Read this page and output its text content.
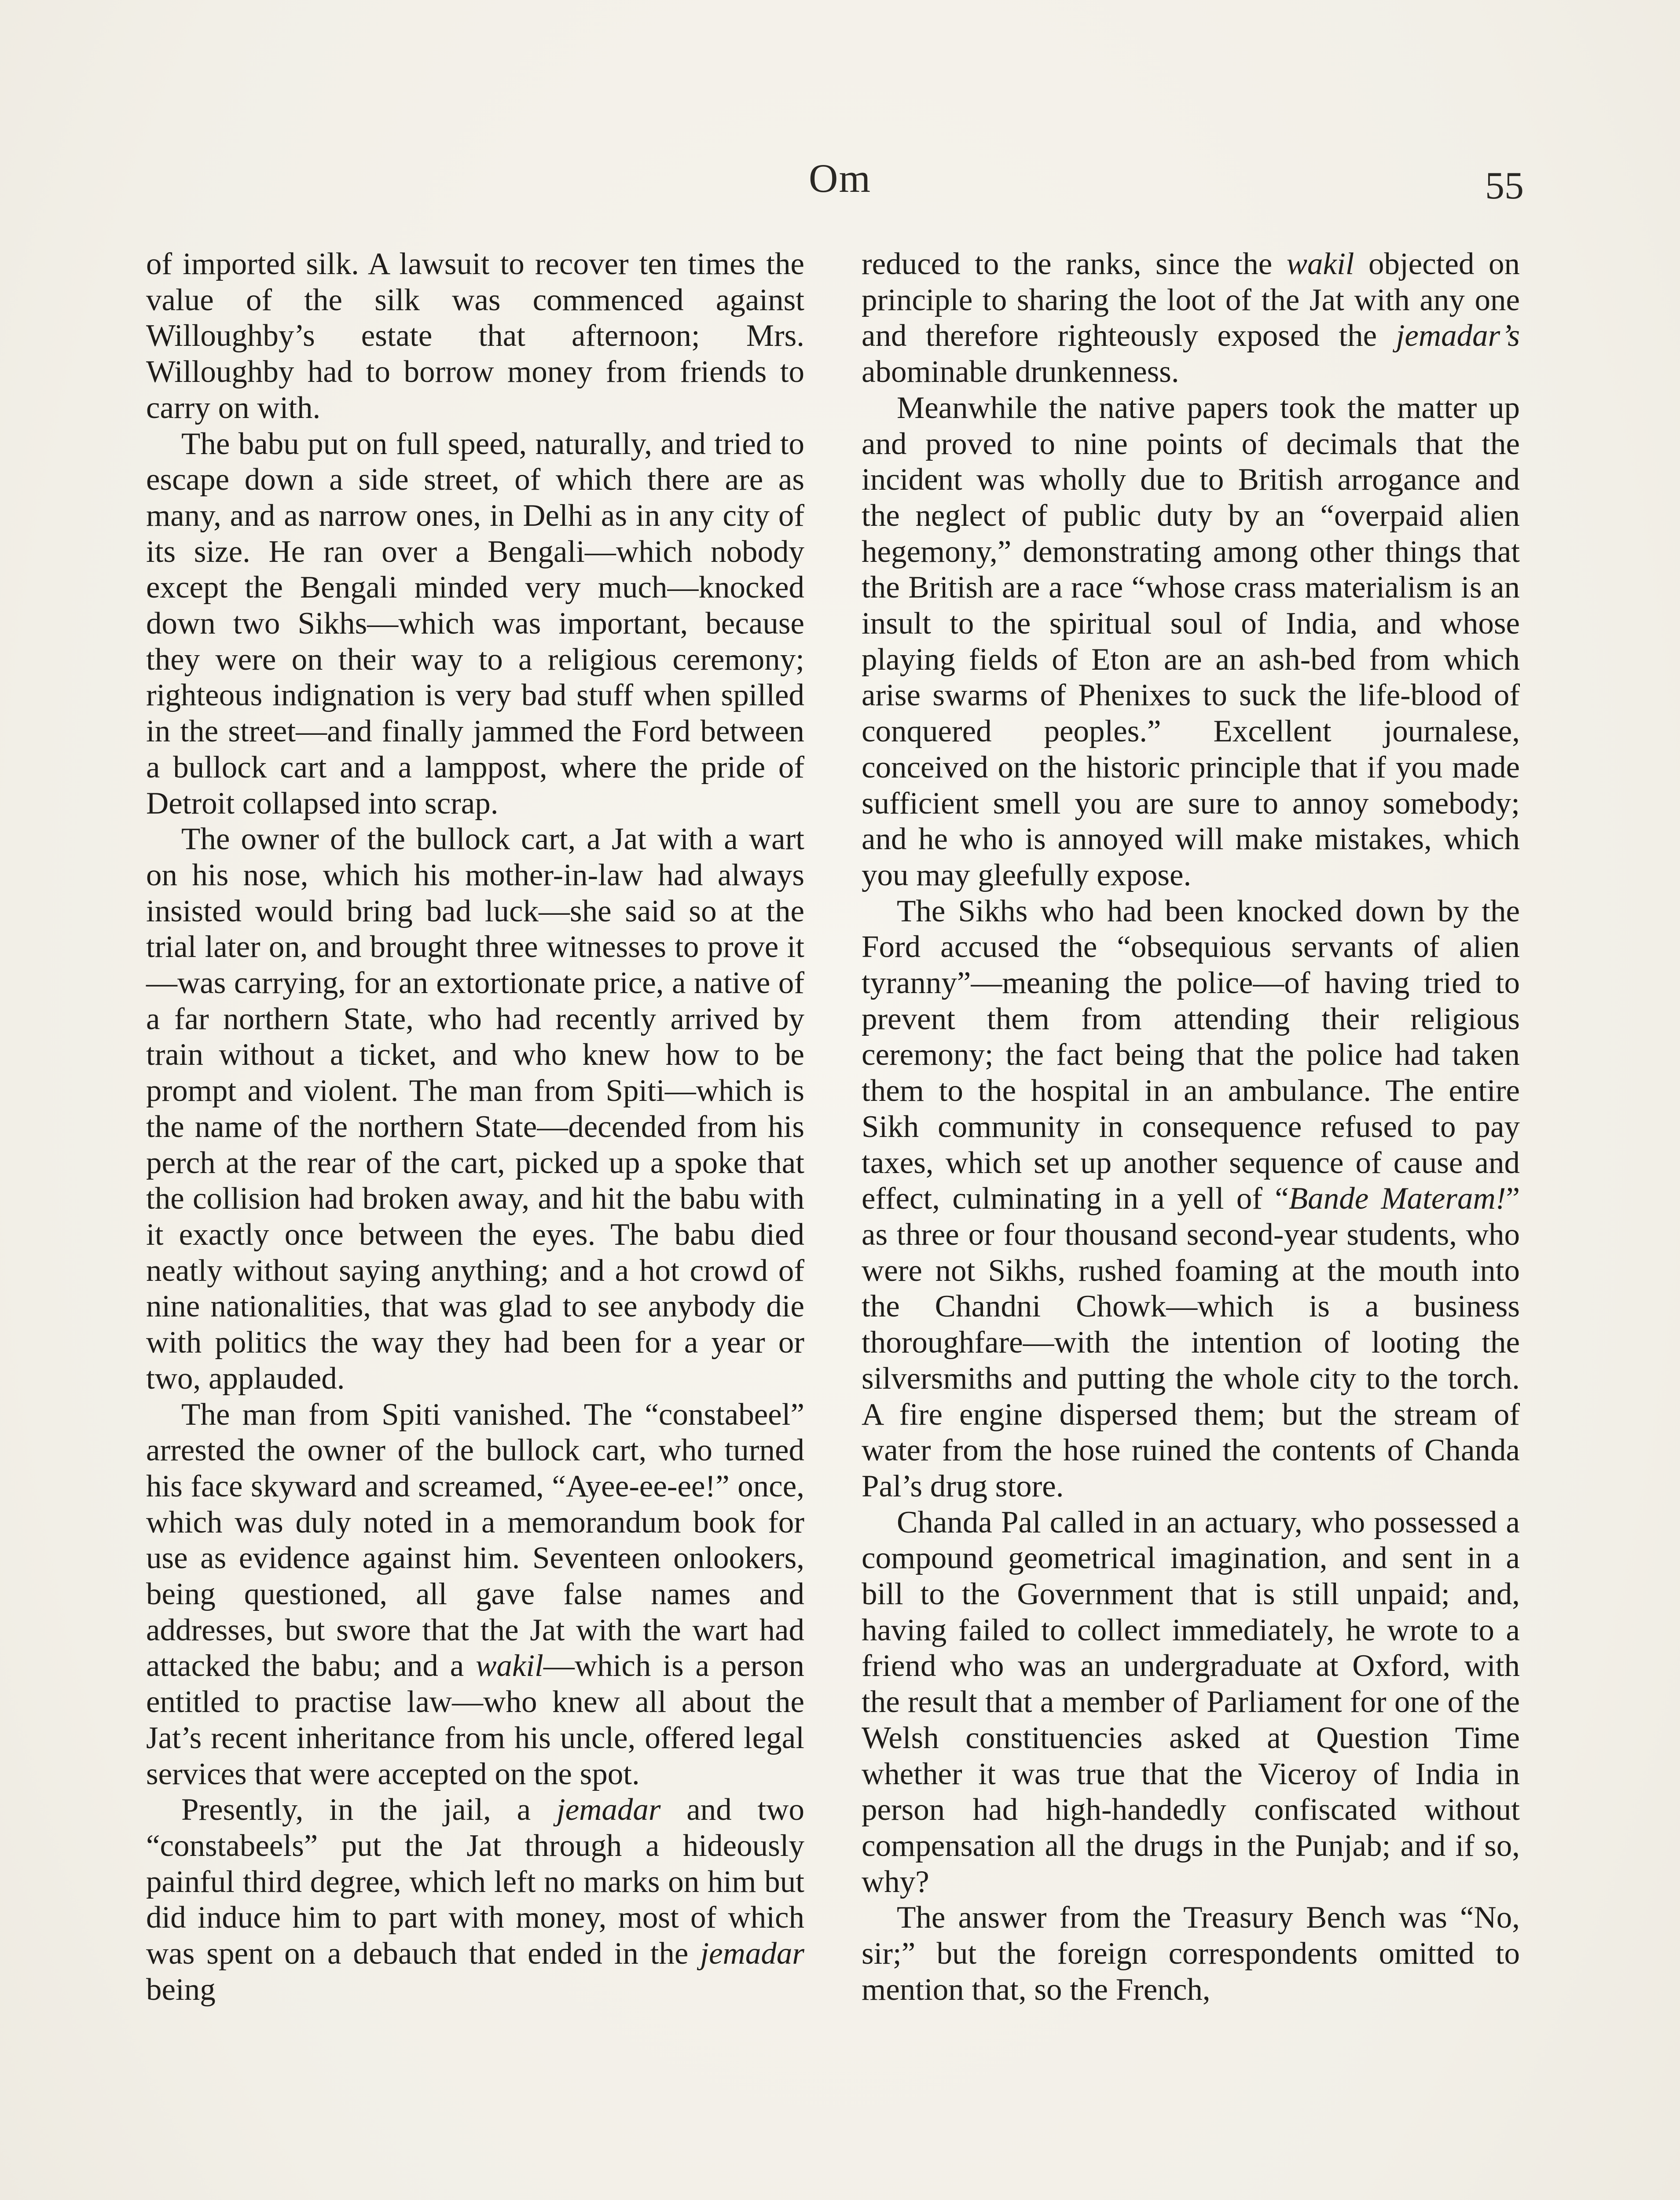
Om	55

of imported silk. A lawsuit to recover ten times the value of the silk was commenced against Willoughby’s estate that afternoon; Mrs. Willoughby had to borrow money from friends to carry on with.

The babu put on full speed, naturally, and tried to escape down a side street, of which there are as many, and as narrow ones, in Delhi as in any city of its size. He ran over a Bengali—which nobody except the Bengali minded very much—knocked down two Sikhs—which was important, because they were on their way to a religious ceremony; righteous indignation is very bad stuff when spilled in the street—and finally jammed the Ford between a bullock cart and a lamppost, where the pride of Detroit collapsed into scrap.

The owner of the bullock cart, a Jat with a wart on his nose, which his mother-in-law had always insisted would bring bad luck—she said so at the trial later on, and brought three witnesses to prove it—was carrying, for an extortionate price, a native of a far northern State, who had recently arrived by train without a ticket, and who knew how to be prompt and violent. The man from Spiti—which is the name of the northern State—decended from his perch at the rear of the cart, picked up a spoke that the collision had broken away, and hit the babu with it exactly once between the eyes. The babu died neatly without saying anything; and a hot crowd of nine nationalities, that was glad to see anybody die with politics the way they had been for a year or two, applauded.

The man from Spiti vanished. The “constabeel” arrested the owner of the bullock cart, who turned his face skyward and screamed, “Ayee-ee-ee!” once, which was duly noted in a memorandum book for use as evidence against him. Seventeen onlookers, being questioned, all gave false names and addresses, but swore that the Jat with the wart had attacked the babu; and a wakil—which is a person entitled to practise law—who knew all about the Jat’s recent inheritance from his uncle, offered legal services that were accepted on the spot.

Presently, in the jail, a jemadar and two “constabeels” put the Jat through a hideously painful third degree, which left no marks on him but did induce him to part with money, most of which was spent on a debauch that ended in the jemadar being

reduced to the ranks, since the wakil objected on principle to sharing the loot of the Jat with any one and therefore righteously exposed the jemadar’s abominable drunkenness.

Meanwhile the native papers took the matter up and proved to nine points of decimals that the incident was wholly due to British arrogance and the neglect of public duty by an “overpaid alien hegemony,” demonstrating among other things that the British are a race “whose crass materialism is an insult to the spiritual soul of India, and whose playing fields of Eton are an ash-bed from which arise swarms of Phenixes to suck the life-blood of conquered peoples.” Excellent journalese, conceived on the historic principle that if you made sufficient smell you are sure to annoy somebody; and he who is annoyed will make mistakes, which you may gleefully expose.

The Sikhs who had been knocked down by the Ford accused the “obsequious servants of alien tyranny”—meaning the police—of having tried to prevent them from attending their religious ceremony; the fact being that the police had taken them to the hospital in an ambulance. The entire Sikh community in consequence refused to pay taxes, which set up another sequence of cause and effect, culminating in a yell of “Bande Materam!” as three or four thousand second-year students, who were not Sikhs, rushed foaming at the mouth into the Chandni Chowk—which is a business thoroughfare—with the intention of looting the silversmiths and putting the whole city to the torch. A fire engine dispersed them; but the stream of water from the hose ruined the contents of Chanda Pal’s drug store.

Chanda Pal called in an actuary, who possessed a compound geometrical imagination, and sent in a bill to the Government that is still unpaid; and, having failed to collect immediately, he wrote to a friend who was an undergraduate at Oxford, with the result that a member of Parliament for one of the Welsh constituencies asked at Question Time whether it was true that the Viceroy of India in person had high-handedly confiscated without compensation all the drugs in the Punjab; and if so, why?

The answer from the Treasury Bench was “No, sir;” but the foreign correspondents omitted to mention that, so the French,
